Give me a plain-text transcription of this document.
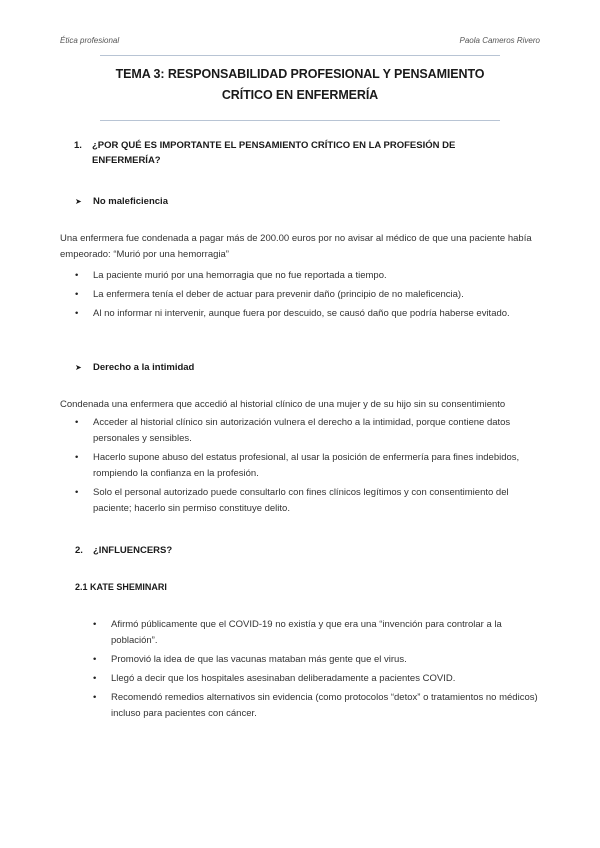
Ética profesional	Paola Cameros Rivero
TEMA 3: RESPONSABILIDAD PROFESIONAL Y PENSAMIENTO
CRÍTICO EN ENFERMERÍA
1. ¿POR QUÉ ES IMPORTANTE EL PENSAMIENTO CRÍTICO EN LA PROFESIÓN DE ENFERMERÍA?
➤ No maleficiencia
Una enfermera fue condenada a pagar más de 200.00 euros por no avisar al médico de que una paciente había empeorado: “Murió por una hemorragia”
• La paciente murió por una hemorragia que no fue reportada a tiempo.
• La enfermera tenía el deber de actuar para prevenir daño (principio de no maleficencia).
• Al no informar ni intervenir, aunque fuera por descuido, se causó daño que podría haberse evitado.
➤ Derecho a la intimidad
Condenada una enfermera que accedió al historial clínico de una mujer y de su hijo sin su consentimiento
• Acceder al historial clínico sin autorización vulnera el derecho a la intimidad, porque contiene datos personales y sensibles.
• Hacerlo supone abuso del estatus profesional, al usar la posición de enfermería para fines indebidos, rompiendo la confianza en la profesión.
• Solo el personal autorizado puede consultarlo con fines clínicos legítimos y con consentimiento del paciente; hacerlo sin permiso constituye delito.
2. ¿INFLUENCERS?
2.1 KATE SHEMINARI
• Afirmó públicamente que el COVID-19 no existía y que era una “invención para controlar a la población”.
• Promovió la idea de que las vacunas mataban más gente que el virus.
• Llegó a decir que los hospitales asesinaban deliberadamente a pacientes COVID.
• Recomendó remedios alternativos sin evidencia (como protocolos “detox” o tratamientos no médicos) incluso para pacientes con cáncer.
